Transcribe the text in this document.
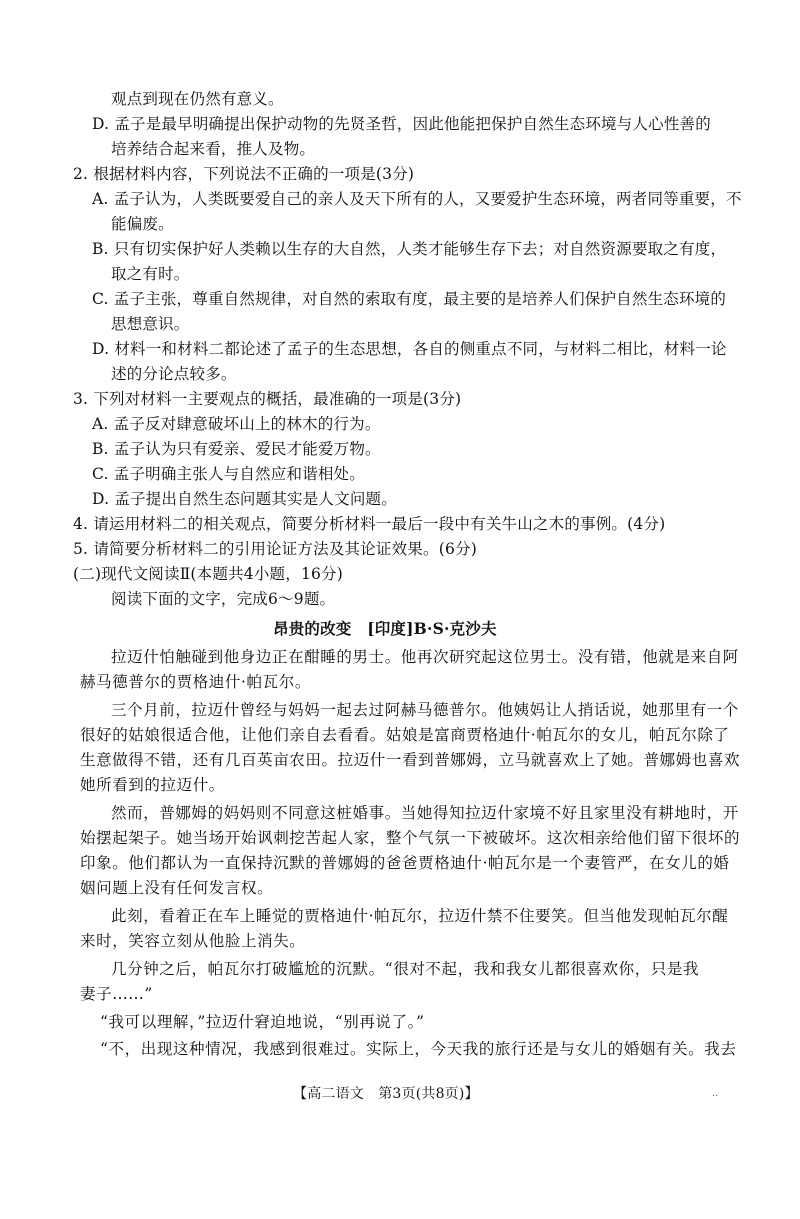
观点到现在仍然有意义。
D. 孟子是最早明确提出保护动物的先贤圣哲，因此他能把保护自然生态环境与人心性善的
培养结合起来看，推人及物。
2. 根据材料内容，下列说法不正确的一项是(3分)
A. 孟子认为，人类既要爱自己的亲人及天下所有的人，又要爱护生态环境，两者同等重要，不
能偏废。
B. 只有切实保护好人类赖以生存的大自然，人类才能够生存下去；对自然资源要取之有度，
取之有时。
C. 孟子主张，尊重自然规律，对自然的索取有度，最主要的是培养人们保护自然生态环境的
思想意识。
D. 材料一和材料二都论述了孟子的生态思想，各自的侧重点不同，与材料二相比，材料一论
述的分论点较多。
3. 下列对材料一主要观点的概括，最准确的一项是(3分)
A. 孟子反对肆意破坏山上的林木的行为。
B. 孟子认为只有爱亲、爱民才能爱万物。
C. 孟子明确主张人与自然应和谐相处。
D. 孟子提出自然生态问题其实是人文问题。
4. 请运用材料二的相关观点，简要分析材料一最后一段中有关牛山之木的事例。(4分)
5. 请简要分析材料二的引用论证方法及其论证效果。(6分)
(二)现代文阅读Ⅱ(本题共4小题，16分)
阅读下面的文字，完成6～9题。
昂贵的改变　[印度]B·S·克沙夫
拉迈什怕触碰到他身边正在酣睡的男士。他再次研究起这位男士。没有错，他就是来自阿
赫马德普尔的贾格迪什·帕瓦尔。
三个月前，拉迈什曾经与妈妈一起去过阿赫马德普尔。他姨妈让人捎话说，她那里有一个
很好的姑娘很适合他，让他们亲自去看看。姑娘是富商贾格迪什·帕瓦尔的女儿，帕瓦尔除了
生意做得不错，还有几百英亩农田。拉迈什一看到普娜姆，立马就喜欢上了她。普娜姆也喜欢
她所看到的拉迈什。
然而，普娜姆的妈妈则不同意这桩婚事。当她得知拉迈什家境不好且家里没有耕地时，开
始摆起架子。她当场开始讽刺挖苦起人家，整个气氛一下被破坏。这次相亲给他们留下很坏的
印象。他们都认为一直保持沉默的普娜姆的爸爸贾格迪什·帕瓦尔是一个妻管严，在女儿的婚
姻问题上没有任何发言权。
此刻，看着正在车上睡觉的贾格迪什·帕瓦尔，拉迈什禁不住要笑。但当他发现帕瓦尔醒
来时，笑容立刻从他脸上消失。
几分钟之后，帕瓦尔打破尴尬的沉默。“很对不起，我和我女儿都很喜欢你，只是我
妻子……”
“我可以理解，”拉迈什窘迫地说，“别再说了。”
“不，出现这种情况，我感到很难过。实际上，今天我的旅行还是与女儿的婚姻有关。我去
【高二语文　第3页(共8页)】	..
